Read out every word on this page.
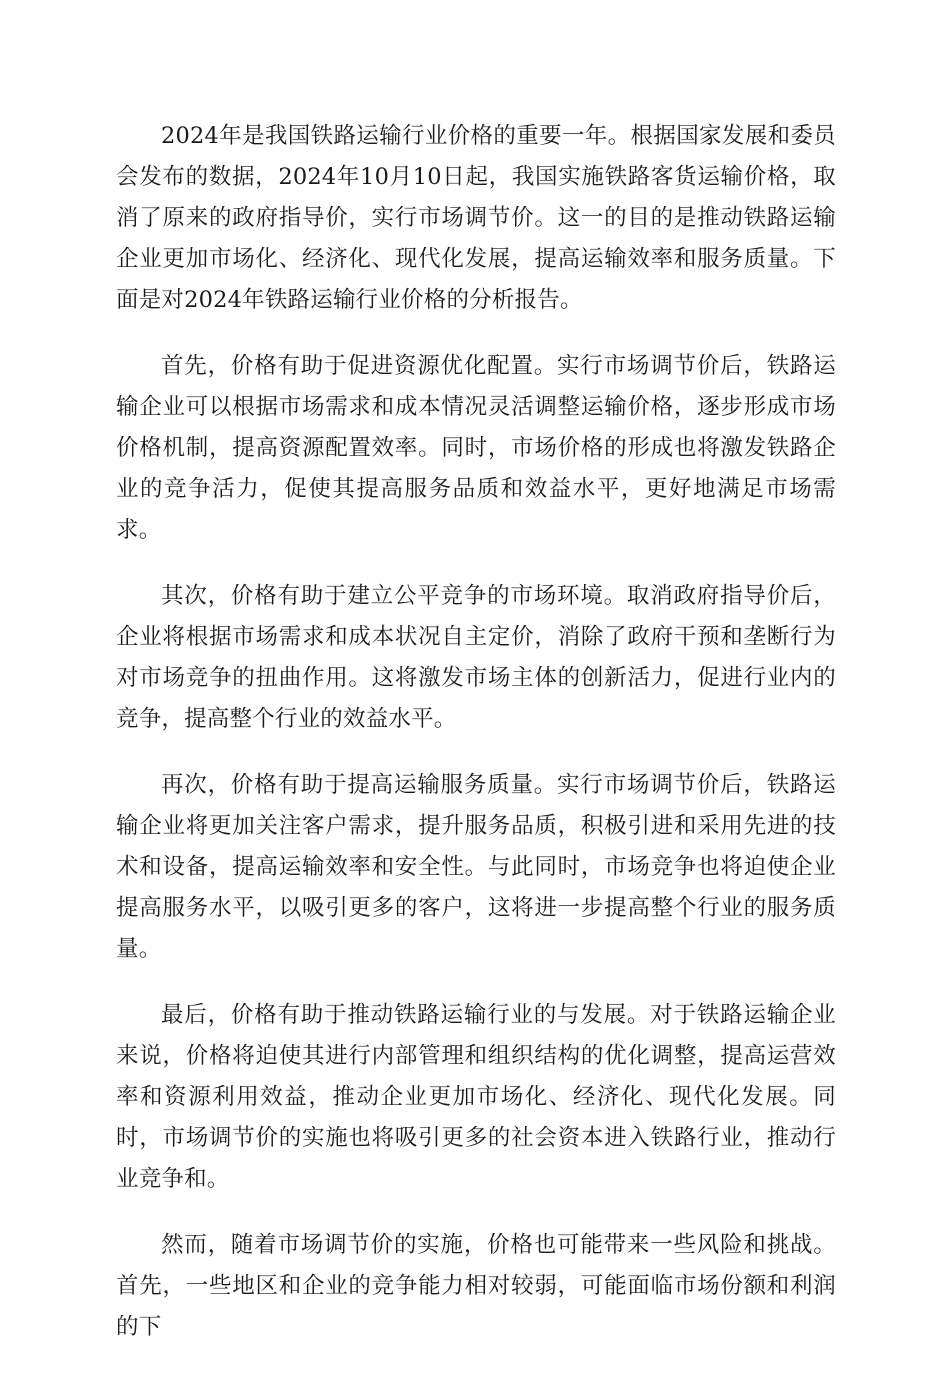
2024年是我国铁路运输行业价格的重要一年。根据国家发展和委员会发布的数据，2024年10月10日起，我国实施铁路客货运输价格，取消了原来的政府指导价，实行市场调节价。这一的目的是推动铁路运输企业更加市场化、经济化、现代化发展，提高运输效率和服务质量。下面是对2024年铁路运输行业价格的分析报告。

首先，价格有助于促进资源优化配置。实行市场调节价后，铁路运输企业可以根据市场需求和成本情况灵活调整运输价格，逐步形成市场价格机制，提高资源配置效率。同时，市场价格的形成也将激发铁路企业的竞争活力，促使其提高服务品质和效益水平，更好地满足市场需求。

其次，价格有助于建立公平竞争的市场环境。取消政府指导价后，企业将根据市场需求和成本状况自主定价，消除了政府干预和垄断行为对市场竞争的扭曲作用。这将激发市场主体的创新活力，促进行业内的竞争，提高整个行业的效益水平。

再次，价格有助于提高运输服务质量。实行市场调节价后，铁路运输企业将更加关注客户需求，提升服务品质，积极引进和采用先进的技术和设备，提高运输效率和安全性。与此同时，市场竞争也将迫使企业提高服务水平，以吸引更多的客户，这将进一步提高整个行业的服务质量。

最后，价格有助于推动铁路运输行业的与发展。对于铁路运输企业来说，价格将迫使其进行内部管理和组织结构的优化调整，提高运营效率和资源利用效益，推动企业更加市场化、经济化、现代化发展。同时，市场调节价的实施也将吸引更多的社会资本进入铁路行业，推动行业竞争和。

然而，随着市场调节价的实施，价格也可能带来一些风险和挑战。首先，一些地区和企业的竞争能力相对较弱，可能面临市场份额和利润的下
